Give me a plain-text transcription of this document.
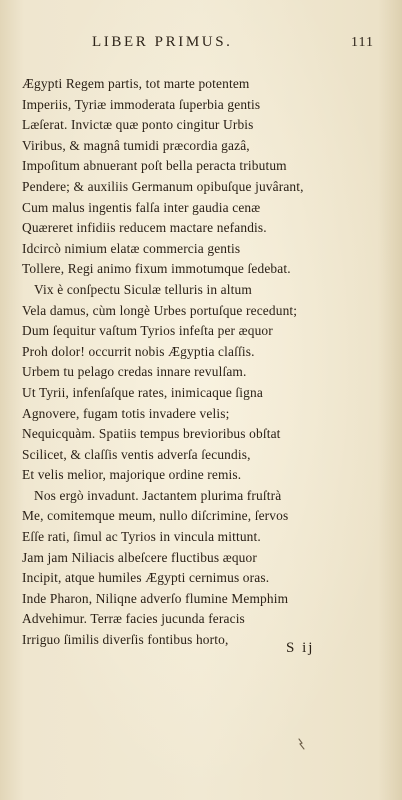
LIBER PRIMUS.	111
Ægypti Regem partis, tot marte potentem
Imperiis, Tyriæ immoderata ſuperbia gentis
Læſerat. Invictæ quæ ponto cingitur Urbis
Viribus, & magnâ tumidi præcordia gazâ,
Impoſitum abnuerant poſt bella peracta tributum
Pendere; & auxiliis Germanum opibuſque juvârant,
Cum malus ingentis falſa inter gaudia cenæ
Quæreret infidiis reducem mactare nefandis.
Idcircò nimium elatæ commercia gentis
Tollere, Regi animo fixum immotumque ſedebat.
Vix è conſpectu Siculæ telluris in altum
Vela damus, cùm longè Urbes portuſque recedunt;
Dum ſequitur vaſtum Tyrios infeſta per æquor
Proh dolor! occurrit nobis Ægyptia claſſis.
Urbem tu pelago credas innare revulſam.
Ut Tyrii, infenſaſque rates, inimicaque ſigna
Agnovere, fugam totis invadere velis;
Nequicquàm. Spatiis tempus brevioribus obſtat
Scilicet, & claſſis ventis adverſa ſecundis,
Et velis melior, majorique ordine remis.
Nos ergò invadunt. Jactantem plurima fruſtrà
Me, comitemque meum, nullo diſcrimine, ſervos
Eſſe rati, ſimul ac Tyrios in vincula mittunt.
Jam jam Niliacis albeſcere fluctibus æquor
Incipit, atque humiles Ægypti cernimus oras.
Inde Pharon, Niliqne adverſo flumine Memphim
Advehimur. Terræ facies jucunda feracis
Irriguo ſimilis diverſis fontibus horto,
S ij
